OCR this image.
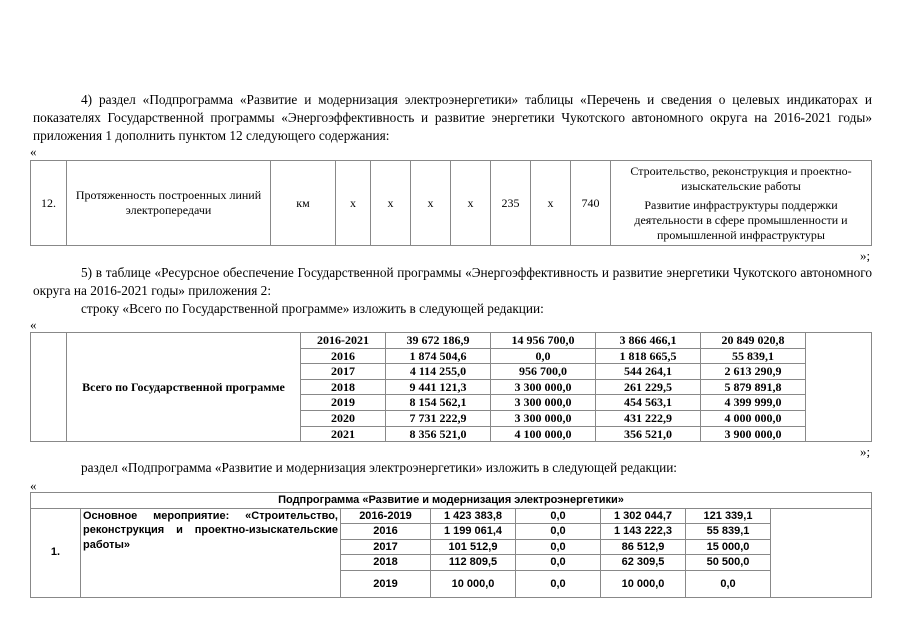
4) раздел «Подпрограмма «Развитие и модернизация электроэнергетики» таблицы «Перечень и сведения о целевых индикаторах и показателях Государственной программы «Энергоэффективность и развитие энергетики Чукотского автономного округа на 2016-2021 годы» приложения 1 дополнить пунктом 12 следующего содержания:
«
12.	Протяженность построенных линий электропередачи	км	x	x	x	x	235	x	740	Строительство, реконструкция и проектно-изыскательские работы
Развитие инфраструктуры поддержки деятельности в сфере промышленности и промышленной инфраструктуры
»;
5) в таблице «Ресурсное обеспечение Государственной программы «Энергоэффективность и развитие энергетики Чукотского автономного округа на 2016-2021 годы» приложения 2:
строку «Всего по Государственной программе» изложить в следующей редакции:
«
	Всего по Государственной программе	2016-2021	39 672 186,9	14 956 700,0	3 866 466,1	20 849 020,8	
		2016	1 874 504,6	0,0	1 818 665,5	55 839,1	
		2017	4 114 255,0	956 700,0	544 264,1	2 613 290,9	
		2018	9 441 121,3	3 300 000,0	261 229,5	5 879 891,8	
		2019	8 154 562,1	3 300 000,0	454 563,1	4 399 999,0	
		2020	7 731 222,9	3 300 000,0	431 222,9	4 000 000,0	
		2021	8 356 521,0	4 100 000,0	356 521,0	3 900 000,0	
»;
раздел «Подпрограмма «Развитие и модернизация электроэнергетики» изложить в следующей редакции:
«
Подпрограмма «Развитие и модернизация электроэнергетики»							
1.	Основное мероприятие: «Строительство, реконструкция и проектно-изыскательские работы»	2016-2019	1 423 383,8	0,0	1 302 044,7	121 339,1	
		2016	1 199 061,4	0,0	1 143 222,3	55 839,1	
		2017	101 512,9	0,0	86 512,9	15 000,0	
		2018	112 809,5	0,0	62 309,5	50 500,0	
		2019	10 000,0	0,0	10 000,0	0,0	
